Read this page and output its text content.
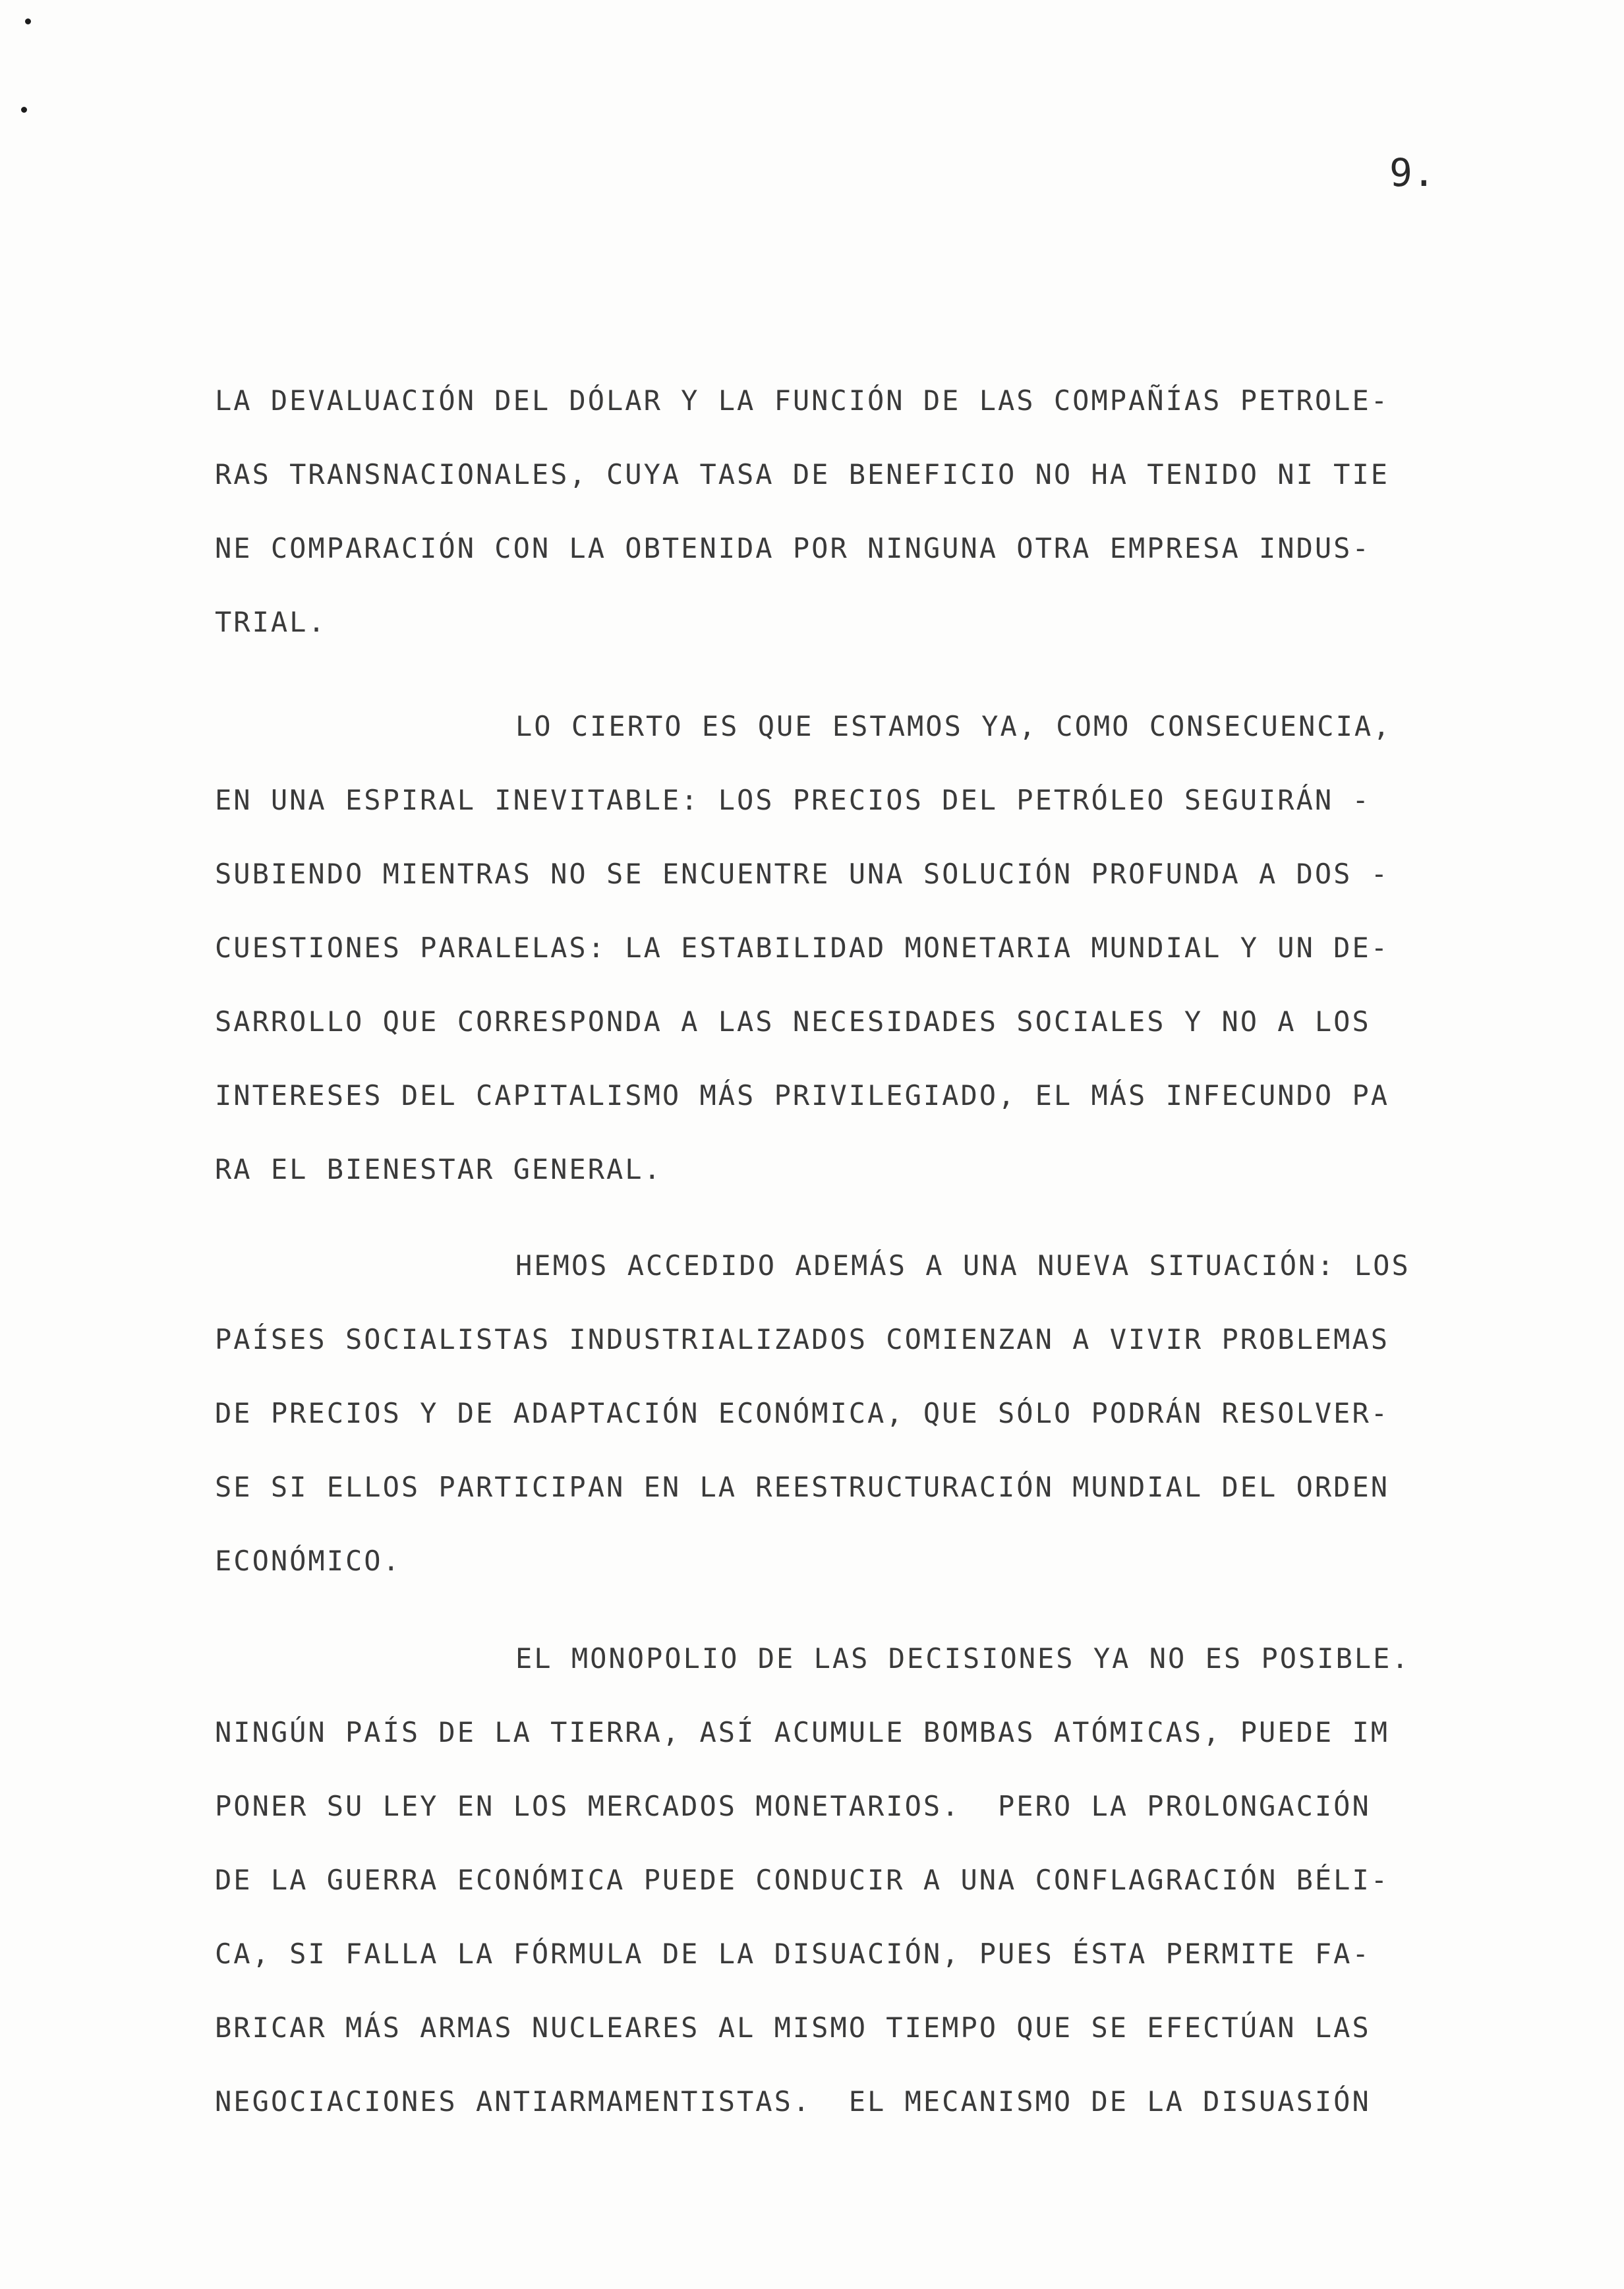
9.
LA DEVALUACIÓN DEL DÓLAR Y LA FUNCIÓN DE LAS COMPAÑÍAS PETROLE-
RAS TRANSNACIONALES, CUYA TASA DE BENEFICIO NO HA TENIDO NI TIE
NE COMPARACIÓN CON LA OBTENIDA POR NINGUNA OTRA EMPRESA INDUS-
TRIAL.
LO CIERTO ES QUE ESTAMOS YA, COMO CONSECUENCIA,
EN UNA ESPIRAL INEVITABLE: LOS PRECIOS DEL PETRÓLEO SEGUIRÁN -
SUBIENDO MIENTRAS NO SE ENCUENTRE UNA SOLUCIÓN PROFUNDA A DOS -
CUESTIONES PARALELAS: LA ESTABILIDAD MONETARIA MUNDIAL Y UN DE-
SARROLLO QUE CORRESPONDA A LAS NECESIDADES SOCIALES Y NO A LOS
INTERESES DEL CAPITALISMO MÁS PRIVILEGIADO, EL MÁS INFECUNDO PA
RA EL BIENESTAR GENERAL.
HEMOS ACCEDIDO ADEMÁS A UNA NUEVA SITUACIÓN: LOS
PAÍSES SOCIALISTAS INDUSTRIALIZADOS COMIENZAN A VIVIR PROBLEMAS
DE PRECIOS Y DE ADAPTACIÓN ECONÓMICA, QUE SÓLO PODRÁN RESOLVER-
SE SI ELLOS PARTICIPAN EN LA REESTRUCTURACIÓN MUNDIAL DEL ORDEN
ECONÓMICO.
EL MONOPOLIO DE LAS DECISIONES YA NO ES POSIBLE.
NINGÚN PAÍS DE LA TIERRA, ASÍ ACUMULE BOMBAS ATÓMICAS, PUEDE IM
PONER SU LEY EN LOS MERCADOS MONETARIOS.  PERO LA PROLONGACIÓN
DE LA GUERRA ECONÓMICA PUEDE CONDUCIR A UNA CONFLAGRACIÓN BÉLI-
CA, SI FALLA LA FÓRMULA DE LA DISUACIÓN, PUES ÉSTA PERMITE FA-
BRICAR MÁS ARMAS NUCLEARES AL MISMO TIEMPO QUE SE EFECTÚAN LAS
NEGOCIACIONES ANTIARMAMENTISTAS.  EL MECANISMO DE LA DISUASIÓN
